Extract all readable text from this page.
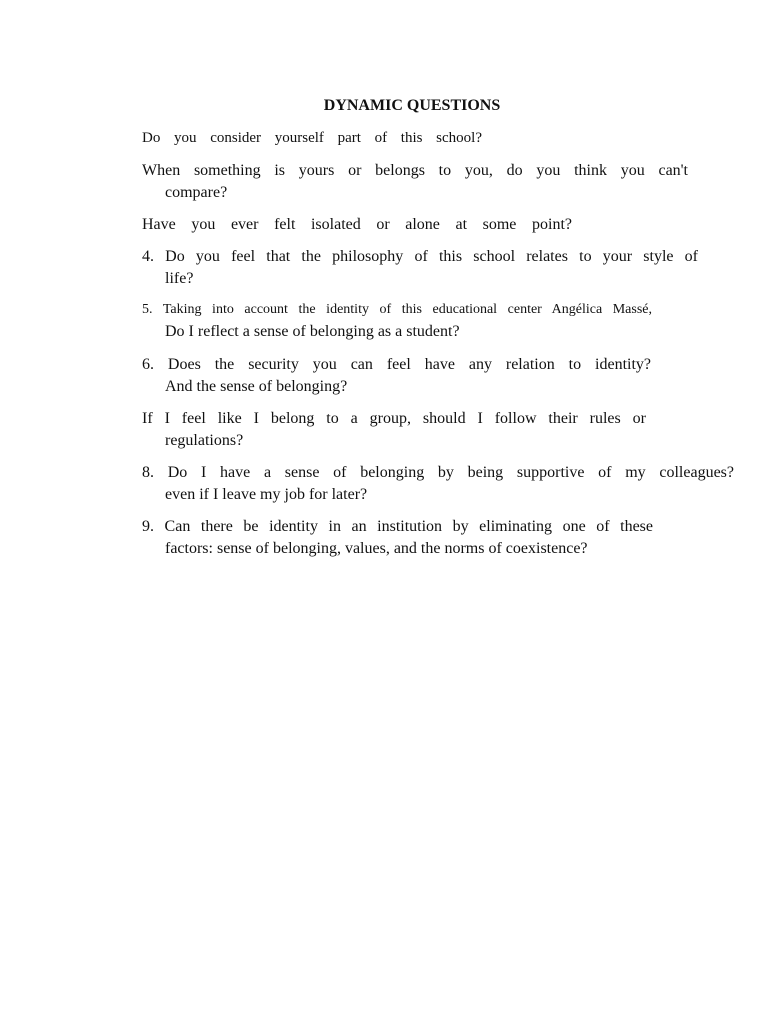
DYNAMIC QUESTIONS
Do you consider yourself part of this school?
When something is yours or belongs to you, do you think you can't
compare?
Have you ever felt isolated or alone at some point?
4. Do you feel that the philosophy of this school relates to your style of
life?
5. Taking into account the identity of this educational center Angélica Massé,
Do I reflect a sense of belonging as a student?
6. Does the security you can feel have any relation to identity?
And the sense of belonging?
If I feel like I belong to a group, should I follow their rules or
regulations?
8. Do I have a sense of belonging by being supportive of my colleagues?
even if I leave my job for later?
9. Can there be identity in an institution by eliminating one of these
factors: sense of belonging, values, and the norms of coexistence?
